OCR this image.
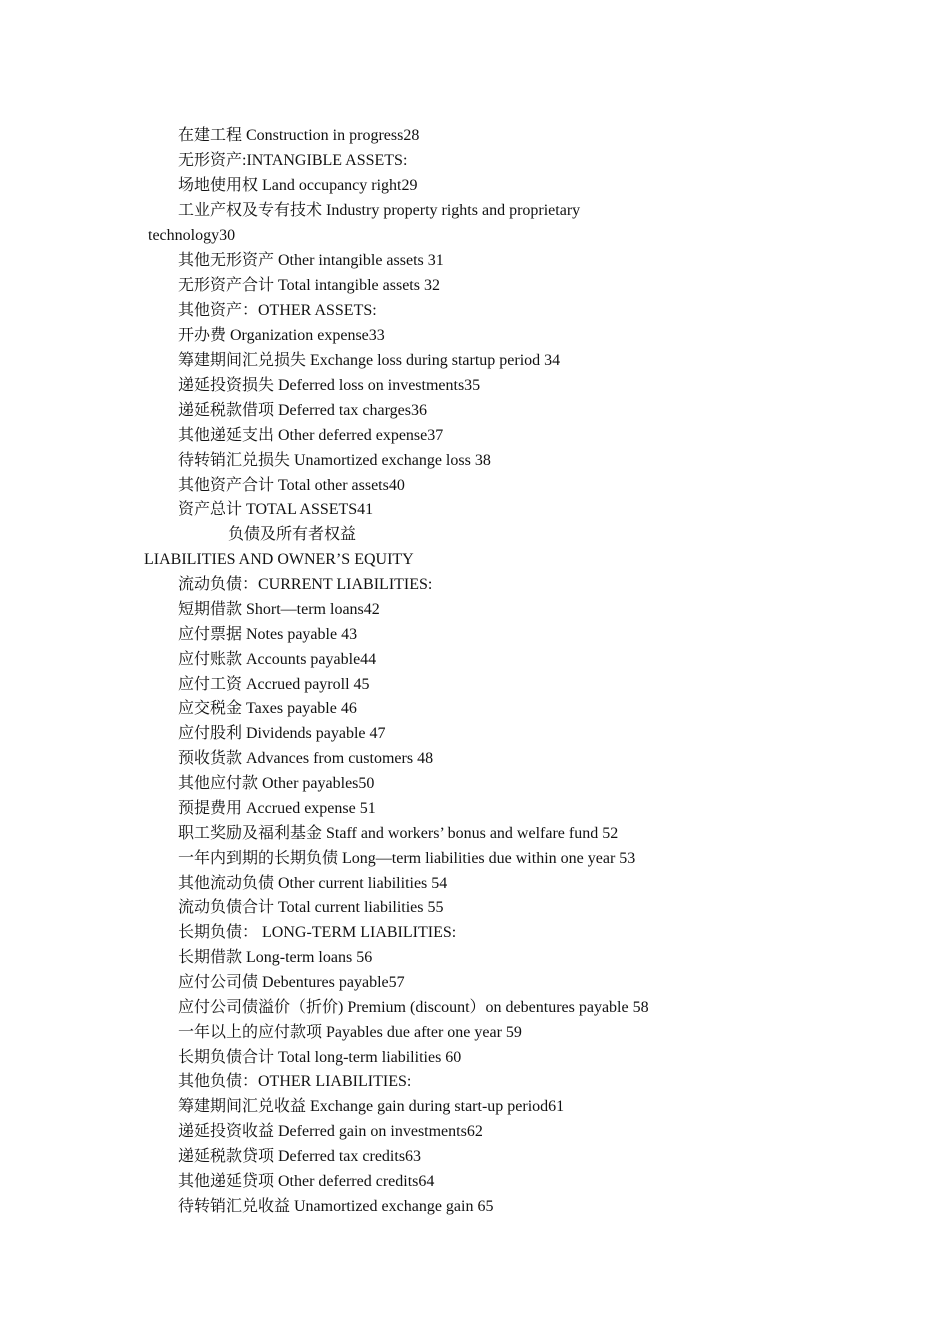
在建工程 Construction in progress28
无形资产:INTANGIBLE ASSETS:
场地使用权 Land occupancy right29
工业产权及专有技术 Industry property rights and proprietary
technology30
其他无形资产 Other intangible assets 31
无形资产合计 Total intangible assets 32
其他资产：OTHER ASSETS:
开办费 Organization expense33
筹建期间汇兑损失 Exchange loss during startup period 34
递延投资损失 Deferred loss on investments35
递延税款借项 Deferred tax charges36
其他递延支出 Other deferred expense37
待转销汇兑损失 Unamortized exchange loss 38
其他资产合计 Total other assets40
资产总计 TOTAL ASSETS41
负债及所有者权益
LIABILITIES AND OWNER’S EQUITY
流动负债：CURRENT LIABILITIES:
短期借款 Short—term loans42
应付票据 Notes payable 43
应付账款 Accounts payable44
应付工资 Accrued payroll 45
应交税金 Taxes payable 46
应付股利 Dividends payable 47
预收货款 Advances from customers 48
其他应付款 Other payables50
预提费用 Accrued expense 51
职工奖励及福利基金 Staff and workers’ bonus and welfare fund 52
一年内到期的长期负债 Long—term liabilities due within one year 53
其他流动负债 Other current liabilities 54
流动负债合计 Total current liabilities 55
长期负债： LONG-TERM LIABILITIES:
长期借款 Long-term loans 56
应付公司债 Debentures payable57
应付公司债溢价（折价) Premium (discount）on debentures payable 58
一年以上的应付款项 Payables due after one year 59
长期负债合计 Total long-term liabilities 60
其他负债：OTHER LIABILITIES:
筹建期间汇兑收益 Exchange gain during start-up period61
递延投资收益 Deferred gain on investments62
递延税款贷项 Deferred tax credits63
其他递延贷项 Other deferred credits64
待转销汇兑收益 Unamortized exchange gain 65
